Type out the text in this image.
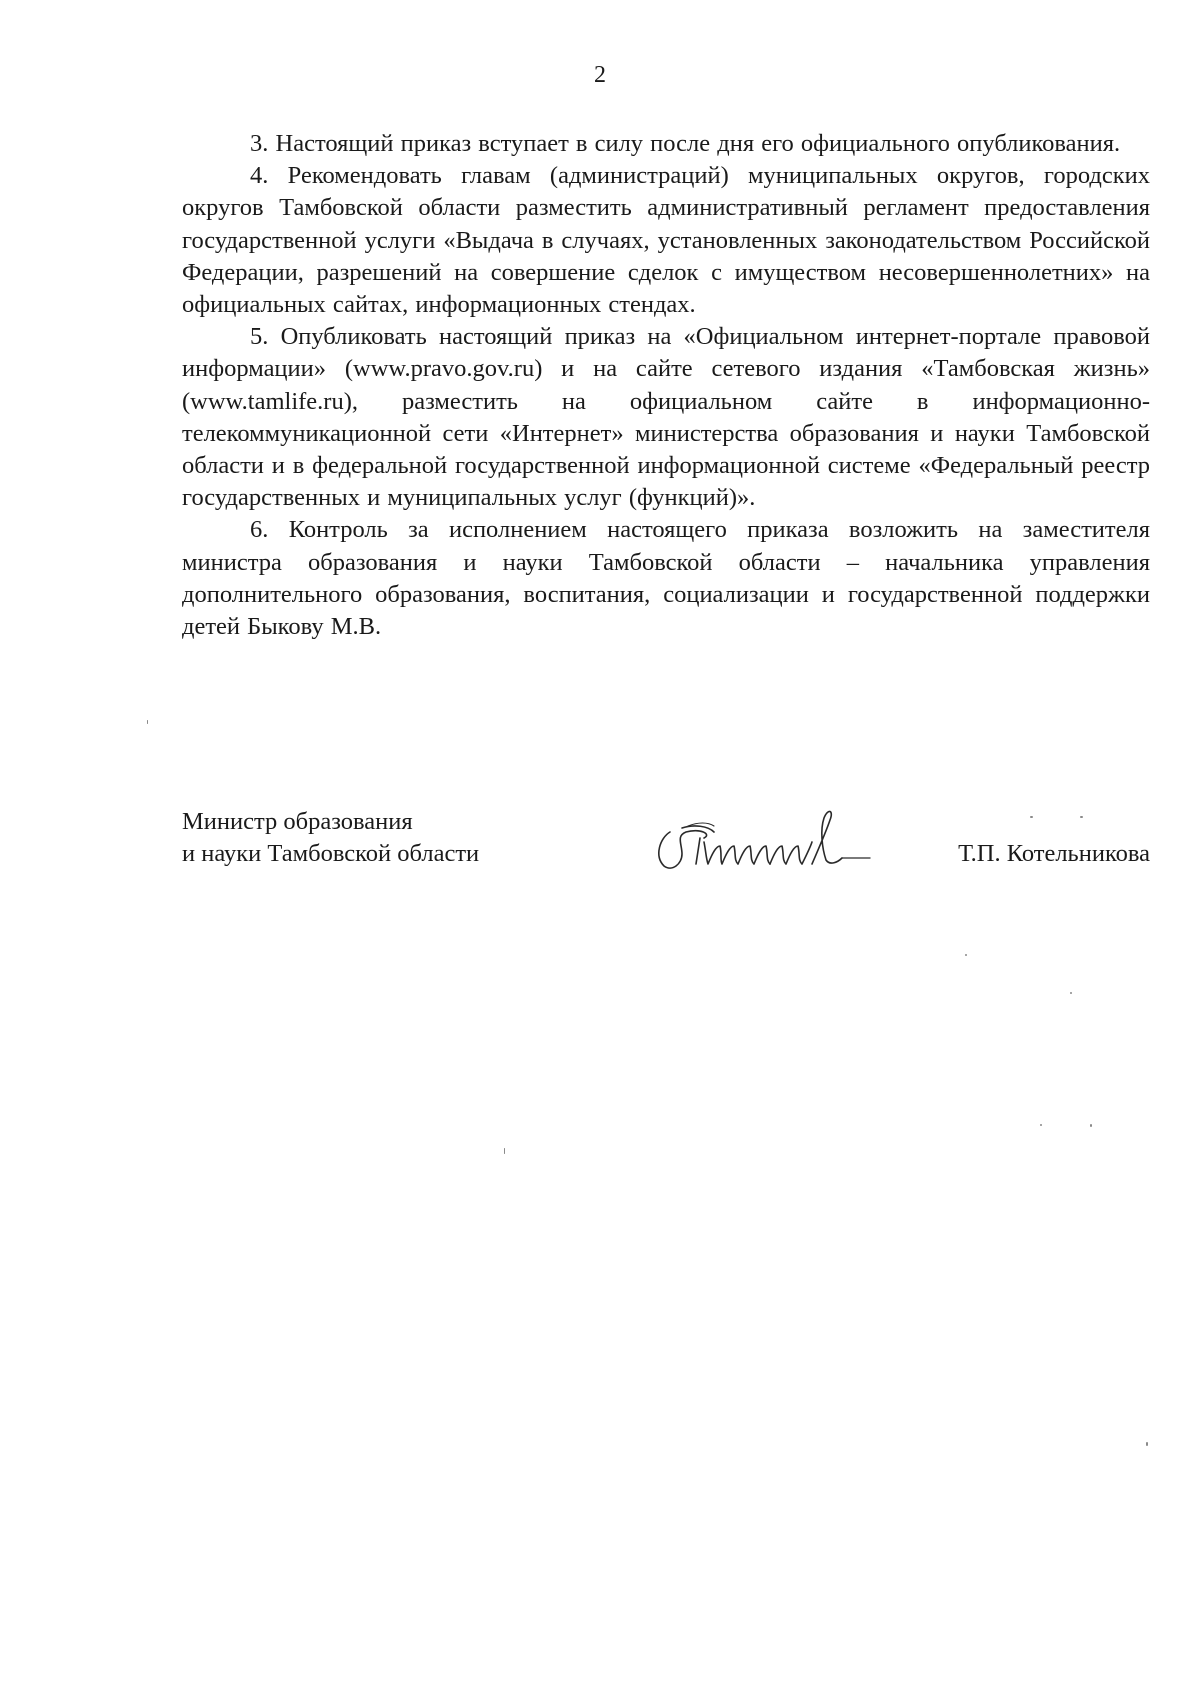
2

3. Настоящий приказ вступает в силу после дня его официального опубликования.

4. Рекомендовать главам (администраций) муниципальных округов, городских округов Тамбовской области разместить административный регламент предоставления государственной услуги «Выдача в случаях, установленных законодательством Российской Федерации, разрешений на совершение сделок с имуществом несовершеннолетних» на официальных сайтах, информационных стендах.

5. Опубликовать настоящий приказ на «Официальном интернет-портале правовой информации» (www.pravo.gov.ru) и на сайте сетевого издания «Тамбовская жизнь» (www.tamlife.ru), разместить на официальном сайте в информационно-телекоммуникационной сети «Интернет» министерства образования и науки Тамбовской области и в федеральной государственной информационной системе «Федеральный реестр государственных и муниципальных услуг (функций)».

6. Контроль за исполнением настоящего приказа возложить на заместителя министра образования и науки Тамбовской области – начальника управления дополнительного образования, воспитания, социализации и государственной поддержки детей Быкову М.В.

Министр образования
и науки Тамбовской области	Т.П. Котельникова
